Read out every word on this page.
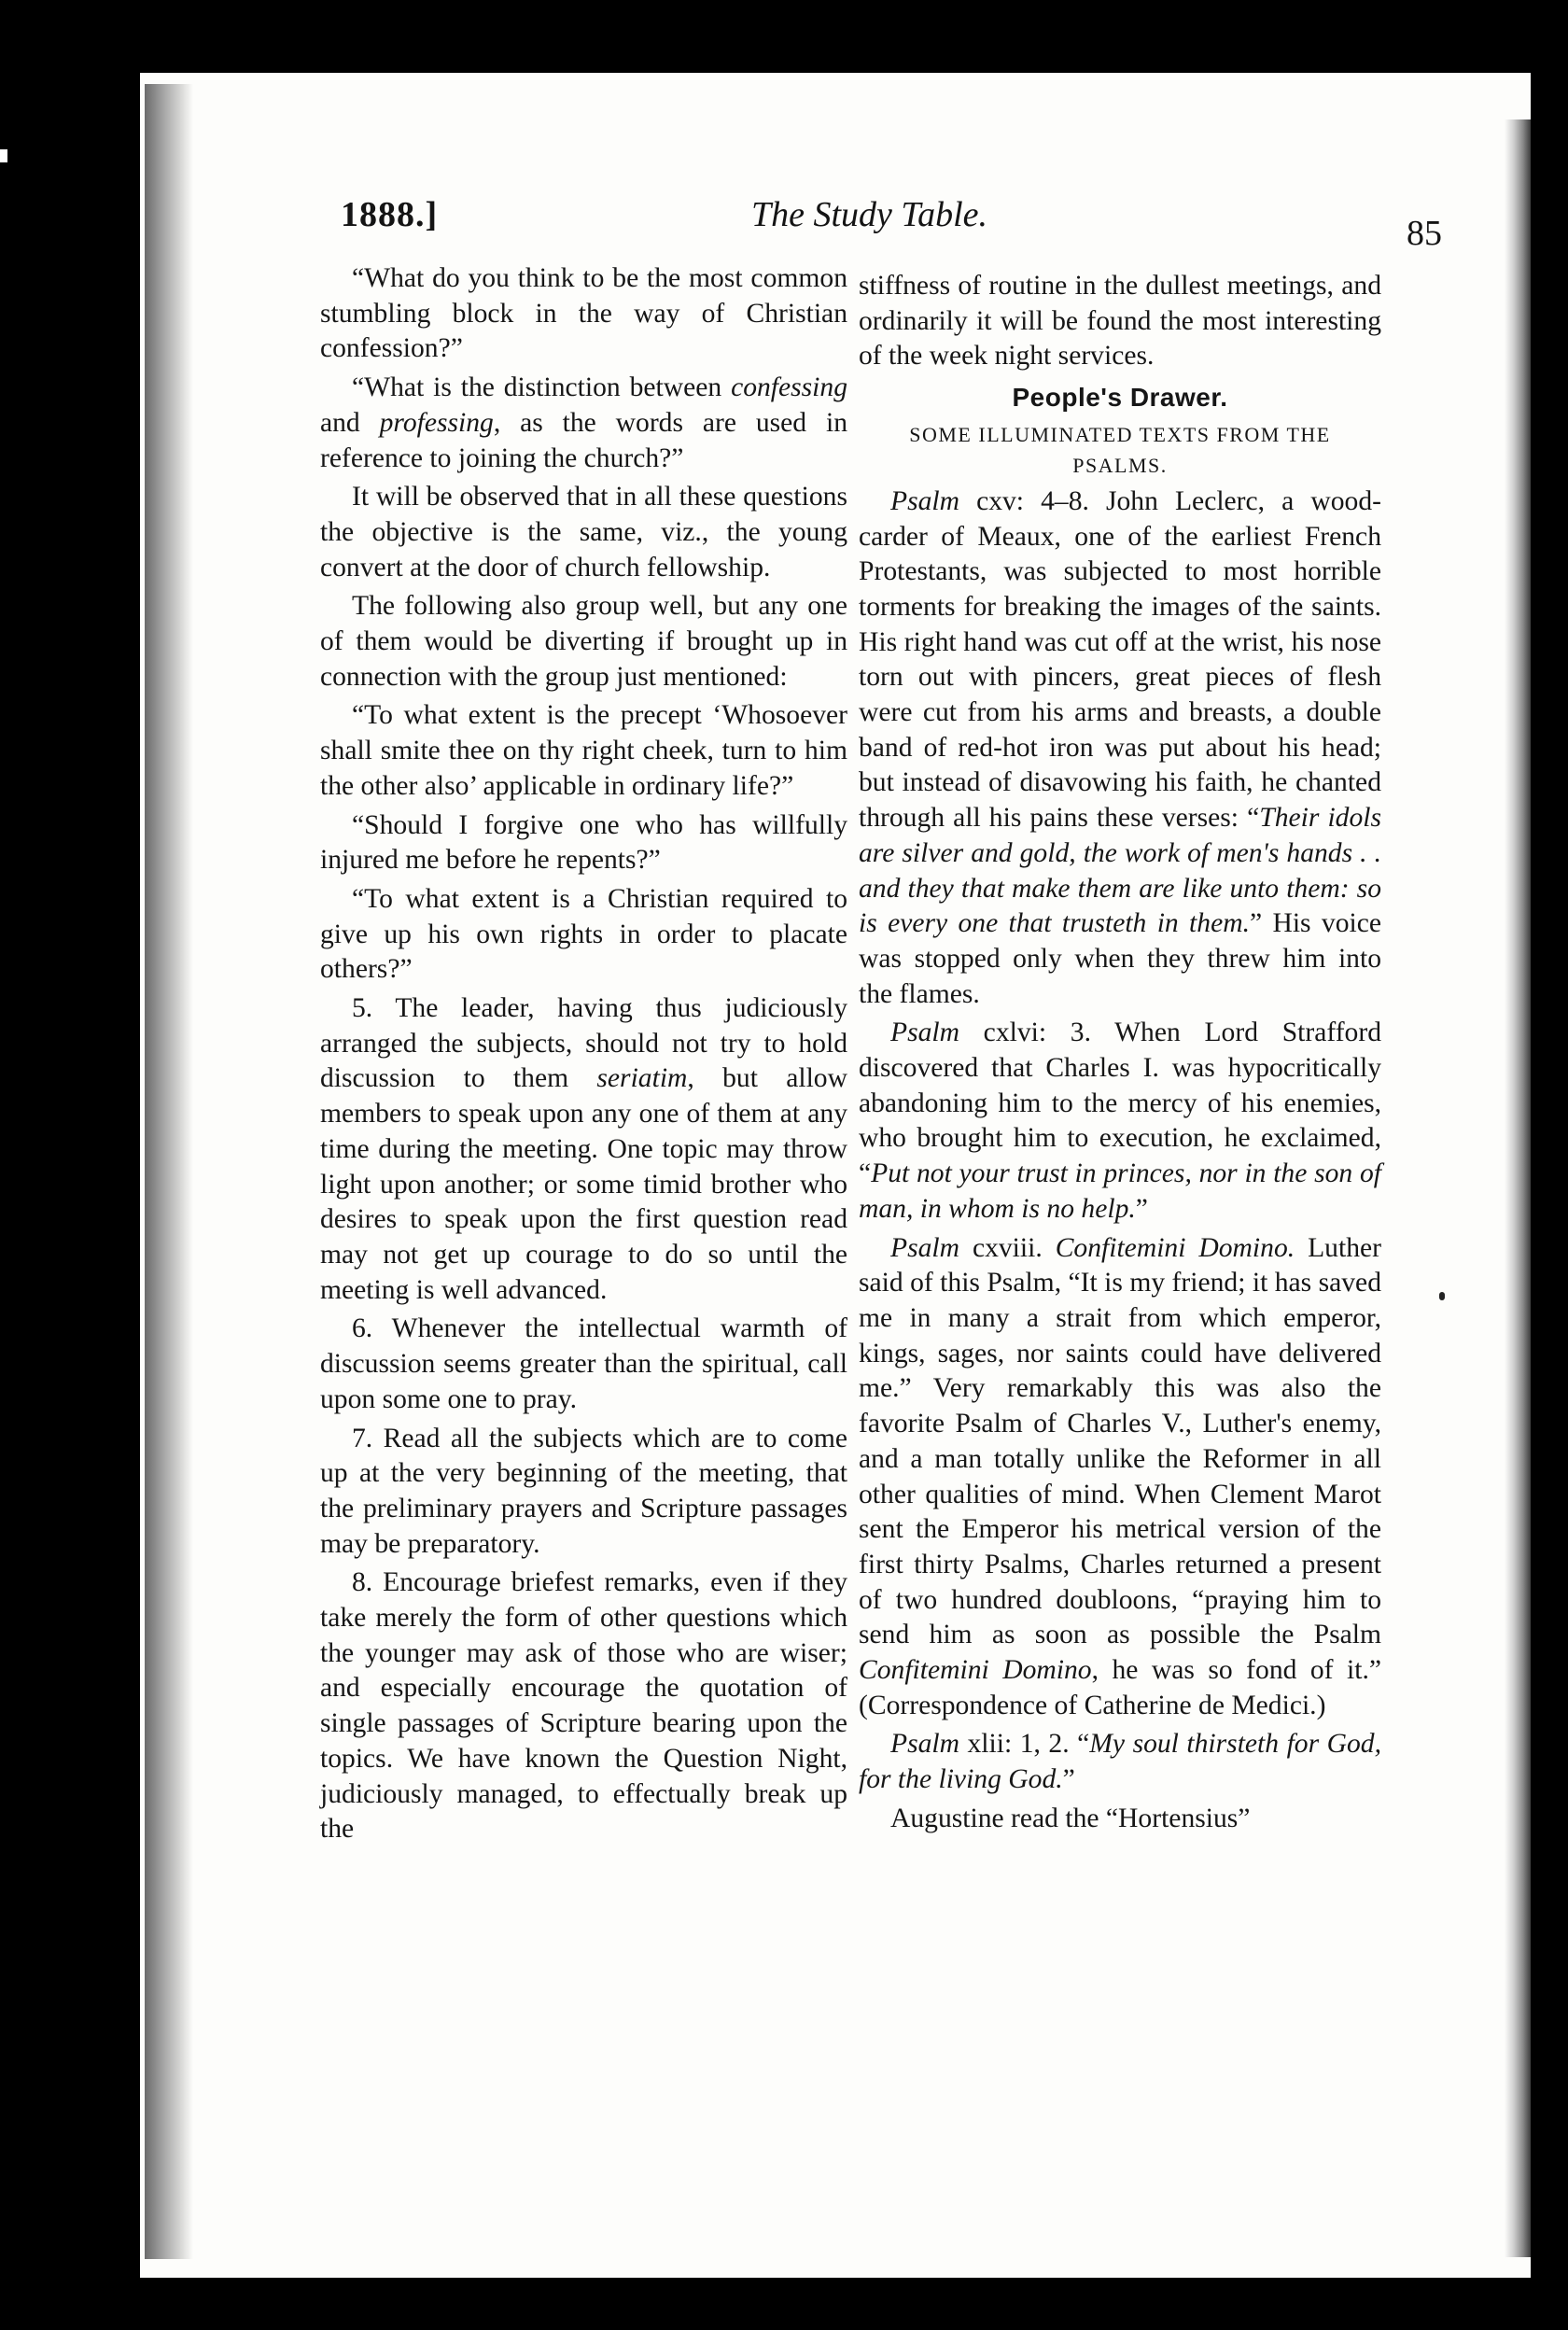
1888.]	The Study Table.	85

“What do you think to be the most common stumbling block in the way of Christian confession?”

“What is the distinction between confessing and professing, as the words are used in reference to joining the church?”

It will be observed that in all these questions the objective is the same, viz., the young convert at the door of church fellowship.

The following also group well, but any one of them would be diverting if brought up in connection with the group just mentioned:

“To what extent is the precept ‘Whosoever shall smite thee on thy right cheek, turn to him the other also’ applicable in ordinary life?”

“Should I forgive one who has willfully injured me before he repents?”

“To what extent is a Christian required to give up his own rights in order to placate others?”

5. The leader, having thus judiciously arranged the subjects, should not try to hold discussion to them seriatim, but allow members to speak upon any one of them at any time during the meeting. One topic may throw light upon another; or some timid brother who desires to speak upon the first question read may not get up courage to do so until the meeting is well advanced.

6. Whenever the intellectual warmth of discussion seems greater than the spiritual, call upon some one to pray.

7. Read all the subjects which are to come up at the very beginning of the meeting, that the preliminary prayers and Scripture passages may be preparatory.

8. Encourage briefest remarks, even if they take merely the form of other questions which the younger may ask of those who are wiser; and especially encourage the quotation of single passages of Scripture bearing upon the topics. We have known the Question Night, judiciously managed, to effectually break up the

stiffness of routine in the dullest meetings, and ordinarily it will be found the most interesting of the week night services.

People's Drawer.
SOME ILLUMINATED TEXTS FROM THE PSALMS.

Psalm cxv: 4–8. John Leclerc, a wood-carder of Meaux, one of the earliest French Protestants, was subjected to most horrible torments for breaking the images of the saints. His right hand was cut off at the wrist, his nose torn out with pincers, great pieces of flesh were cut from his arms and breasts, a double band of red-hot iron was put about his head; but instead of disavowing his faith, he chanted through all his pains these verses: “Their idols are silver and gold, the work of men's hands . . and they that make them are like unto them: so is every one that trusteth in them.” His voice was stopped only when they threw him into the flames.

Psalm cxlvi: 3. When Lord Strafford discovered that Charles I. was hypocritically abandoning him to the mercy of his enemies, who brought him to execution, he exclaimed, “Put not your trust in princes, nor in the son of man, in whom is no help.”

Psalm cxviii. Confitemini Domino. Luther said of this Psalm, “It is my friend; it has saved me in many a strait from which emperor, kings, sages, nor saints could have delivered me.” Very remarkably this was also the favorite Psalm of Charles V., Luther's enemy, and a man totally unlike the Reformer in all other qualities of mind. When Clement Marot sent the Emperor his metrical version of the first thirty Psalms, Charles returned a present of two hundred doubloons, “praying him to send him as soon as possible the Psalm Confitemini Domino, he was so fond of it.” (Correspondence of Catherine de Medici.)

Psalm xlii: 1, 2. “My soul thirsteth for God, for the living God.”

Augustine read the “Hortensius”
